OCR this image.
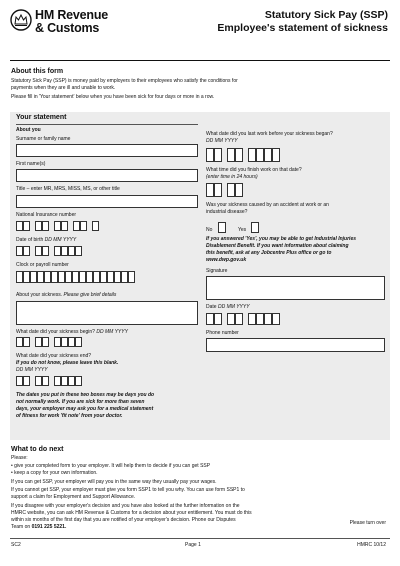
HM Revenue
& Customs
Statutory Sick Pay (SSP)
Employee's statement of sickness
About this form
Statutory Sick Pay (SSP) is money paid by employers to their employees who satisfy the conditions for
payments when they are ill and unable to work.
Please fill in 'Your statement' below when you have been sick for four days or more in a row.
Your statement
About you
Surname or family name
First name(s)
Title – enter MR, MRS, MISS, MS, or other title
National Insurance number
Date of birth DD MM YYYY
Clock or payroll number
About your sickness. Please give brief details
What date did your sickness begin? DD MM YYYY
What date did your sickness end?
If you do not know, please leave this blank.
DD MM YYYY
The dates you put in these two boxes may be days you do
not normally work. If you are sick for more than seven
days, your employer may ask you for a medical statement
of fitness for work 'fit note' from your doctor.
What date did you last work before your sickness began?
DD MM YYYY
What time did you finish work on that date?
(enter time in 24 hours)
Was your sickness caused by an accident at work or an
industrial disease?
No	Yes
If you answered 'Yes', you may be able to get Industrial Injuries
Disablement Benefit. If you want information about claiming
this benefit, ask at any Jobcentre Plus office or go to
www.dwp.gov.uk
Signature
Date DD MM YYYY
Phone number
What to do next
Please:
• give your completed form to your employer. It will help them to decide if you can get SSP
• keep a copy for your own information.
If you can get SSP, your employer will pay you in the same way they usually pay your wages.
If you cannot get SSP, your employer must give you form SSP1 to tell you why. You can use form SSP1 to
support a claim for Employment and Support Allowance.
If you disagree with your employer's decision and you have also looked at the further information on the
HMRC website, you can ask HM Revenue & Customs for a decision about your entitlement. You must do this
within six months of the first day that you are notified of your employer's decision. Phone our Disputes
Team on 0191 225 5221.
Please turn over
SC2	Page 1	HMRC 10/12
